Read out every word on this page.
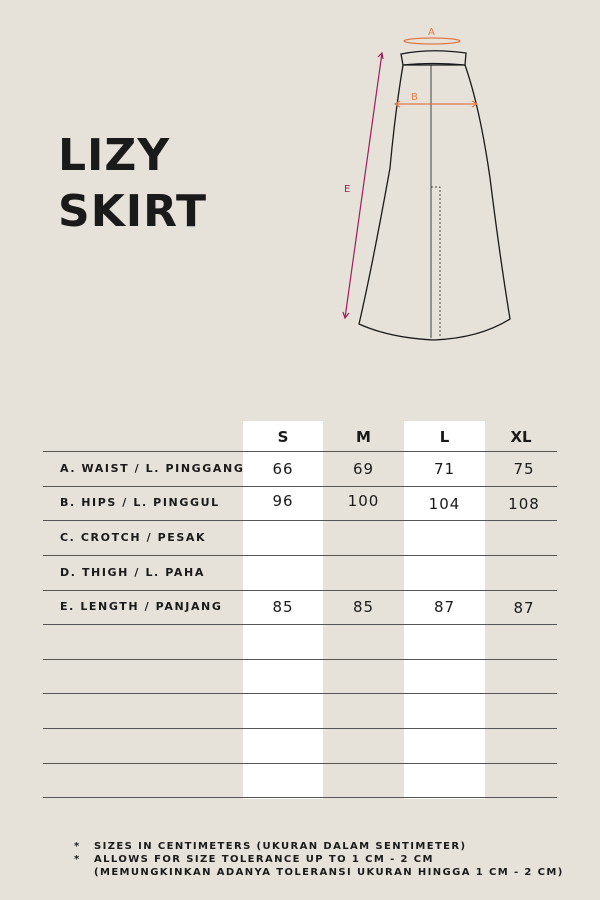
LIZY
SKIRT
A
B
E
S	M	L	XL
A. WAIST / L. PINGGANG	66	69	71	75
B. HIPS / L. PINGGUL	96	100	104	108
C. CROTCH / PESAK
D. THIGH / L. PAHA
E. LENGTH / PANJANG	85	85	87	87
* SIZES IN CENTIMETERS (UKURAN DALAM SENTIMETER)
* ALLOWS FOR SIZE TOLERANCE UP TO 1 CM - 2 CM
(MEMUNGKINKAN ADANYA TOLERANSI UKURAN HINGGA 1 CM - 2 CM)
